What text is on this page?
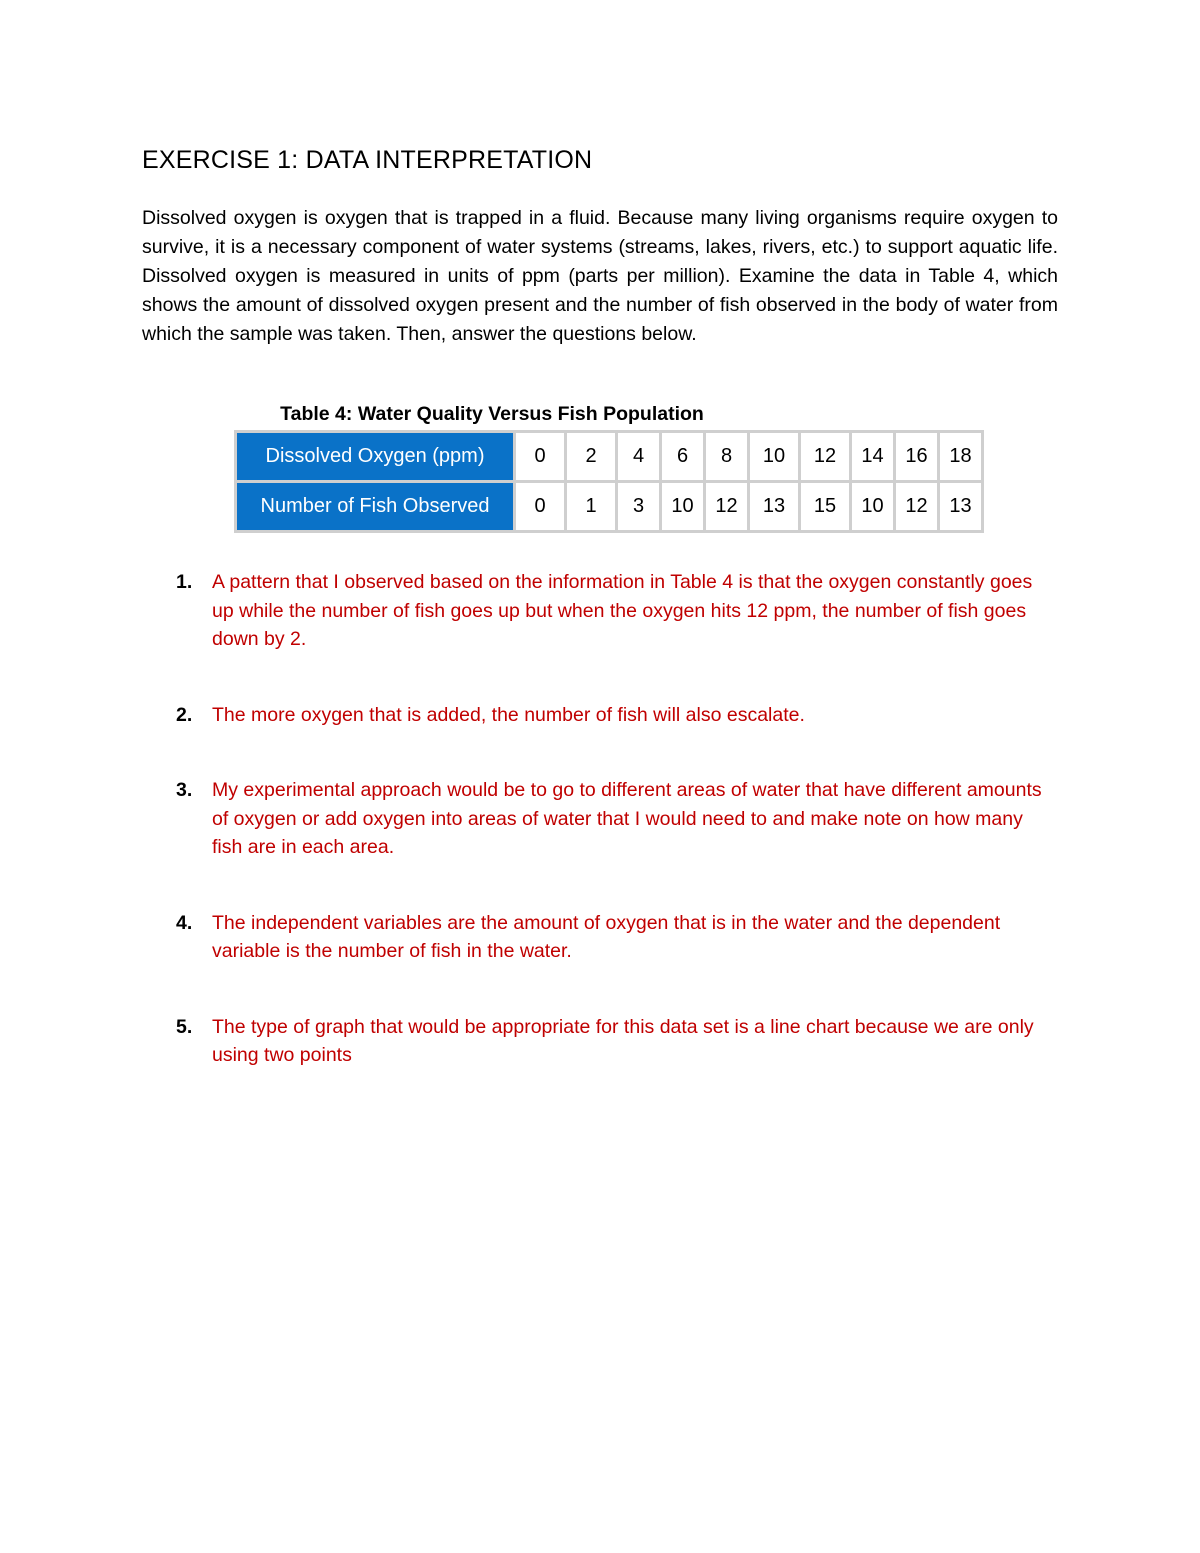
EXERCISE 1: DATA INTERPRETATION
Dissolved oxygen is oxygen that is trapped in a fluid. Because many living organisms require oxygen to survive, it is a necessary component of water systems (streams, lakes, rivers, etc.) to support aquatic life. Dissolved oxygen is measured in units of ppm (parts per million). Examine the data in Table 4, which shows the amount of dissolved oxygen present and the number of fish observed in the body of water from which the sample was taken. Then, answer the questions below.
Table 4: Water Quality Versus Fish Population
Dissolved Oxygen (ppm)	0	2	4	6	8	10	12	14	16	18
Number of Fish Observed	0	1	3	10	12	13	15	10	12	13
1. A pattern that I observed based on the information in Table 4 is that the oxygen constantly goes up while the number of fish goes up but when the oxygen hits 12 ppm, the number of fish goes down by 2.
2. The more oxygen that is added, the number of fish will also escalate.
3. My experimental approach would be to go to different areas of water that have different amounts of oxygen or add oxygen into areas of water that I would need to and make note on how many fish are in each area.
4. The independent variables are the amount of oxygen that is in the water and the dependent variable is the number of fish in the water.
5. The type of graph that would be appropriate for this data set is a line chart because we are only using two points
